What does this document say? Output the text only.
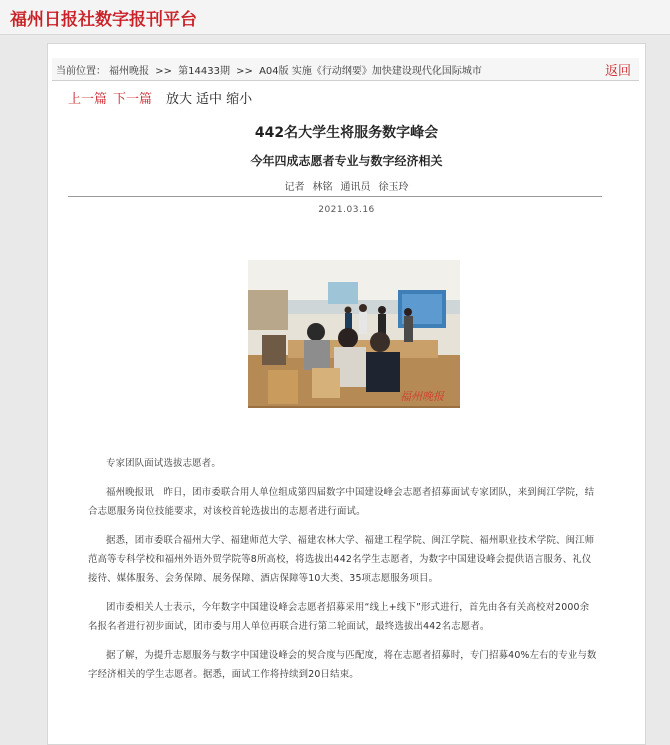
福州日报社数字报刊平台
当前位置： 福州晚报 >> 第14433期 >> A04版 实施《行动纲要》加快建设现代化国际城市	返回
上一篇 下一篇 放大 适中 缩小
442名大学生将服务数字峰会
今年四成志愿者专业与数字经济相关
记者 林铭 通讯员 徐玉玲
2021.03.16
福州晚报

专家团队面试选拔志愿者。

福州晚报讯　昨日，团市委联合用人单位组成第四届数字中国建设峰会志愿者招募面试专家团队，来到闽江学院，结合志愿服务岗位技能要求，对该校首轮选拔出的志愿者进行面试。

据悉，团市委联合福州大学、福建师范大学、福建农林大学、福建工程学院、闽江学院、福州职业技术学院、闽江师范高等专科学校和福州外语外贸学院等8所高校，将选拔出442名学生志愿者，为数字中国建设峰会提供语言服务、礼仪接待、媒体服务、会务保障、展务保障、酒店保障等10大类、35项志愿服务项目。

团市委相关人士表示，今年数字中国建设峰会志愿者招募采用“线上+线下”形式进行，首先由各有关高校对2000余名报名者进行初步面试，团市委与用人单位再联合进行第二轮面试，最终选拔出442名志愿者。

据了解，为提升志愿服务与数字中国建设峰会的契合度与匹配度，将在志愿者招募时，专门招募40%左右的专业与数字经济相关的学生志愿者。据悉，面试工作将持续到20日结束。
